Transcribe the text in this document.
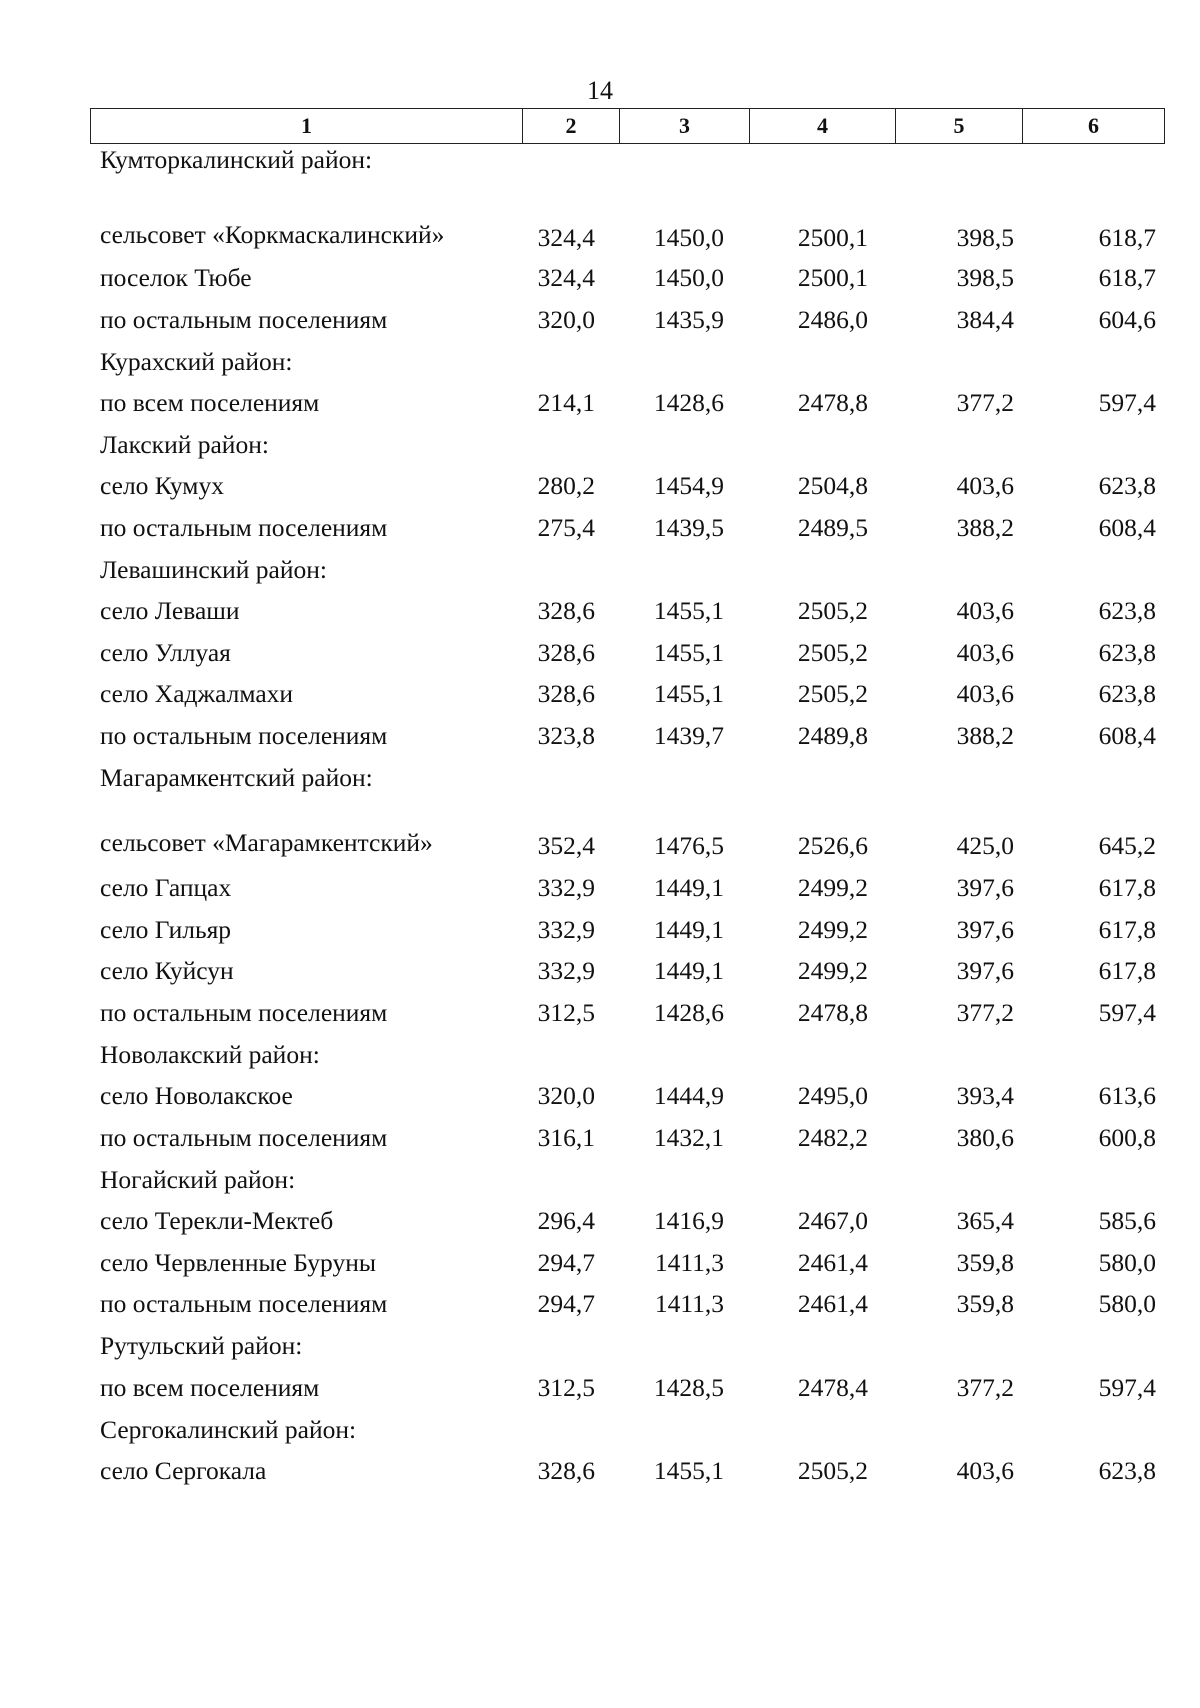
14
1	2	3	4	5	6
Кумторкалинский район:
сельсовет «Коркмаскалинский»	324,4	1450,0	2500,1	398,5	618,7
поселок Тюбе	324,4	1450,0	2500,1	398,5	618,7
по остальным поселениям	320,0	1435,9	2486,0	384,4	604,6
Курахский район:
по всем поселениям	214,1	1428,6	2478,8	377,2	597,4
Лакский район:
село Кумух	280,2	1454,9	2504,8	403,6	623,8
по остальным поселениям	275,4	1439,5	2489,5	388,2	608,4
Левашинский район:
село Леваши	328,6	1455,1	2505,2	403,6	623,8
село Уллуая	328,6	1455,1	2505,2	403,6	623,8
село Хаджалмахи	328,6	1455,1	2505,2	403,6	623,8
по остальным поселениям	323,8	1439,7	2489,8	388,2	608,4
Магарамкентский район:
сельсовет «Магарамкентский»	352,4	1476,5	2526,6	425,0	645,2
село Гапцах	332,9	1449,1	2499,2	397,6	617,8
село Гильяр	332,9	1449,1	2499,2	397,6	617,8
село Куйсун	332,9	1449,1	2499,2	397,6	617,8
по остальным поселениям	312,5	1428,6	2478,8	377,2	597,4
Новолакский район:
село Новолакское	320,0	1444,9	2495,0	393,4	613,6
по остальным поселениям	316,1	1432,1	2482,2	380,6	600,8
Ногайский район:
село Терекли-Мектеб	296,4	1416,9	2467,0	365,4	585,6
село Червленные Буруны	294,7	1411,3	2461,4	359,8	580,0
по остальным поселениям	294,7	1411,3	2461,4	359,8	580,0
Рутульский район:
по всем поселениям	312,5	1428,5	2478,4	377,2	597,4
Сергокалинский район:
село Сергокала	328,6	1455,1	2505,2	403,6	623,8
